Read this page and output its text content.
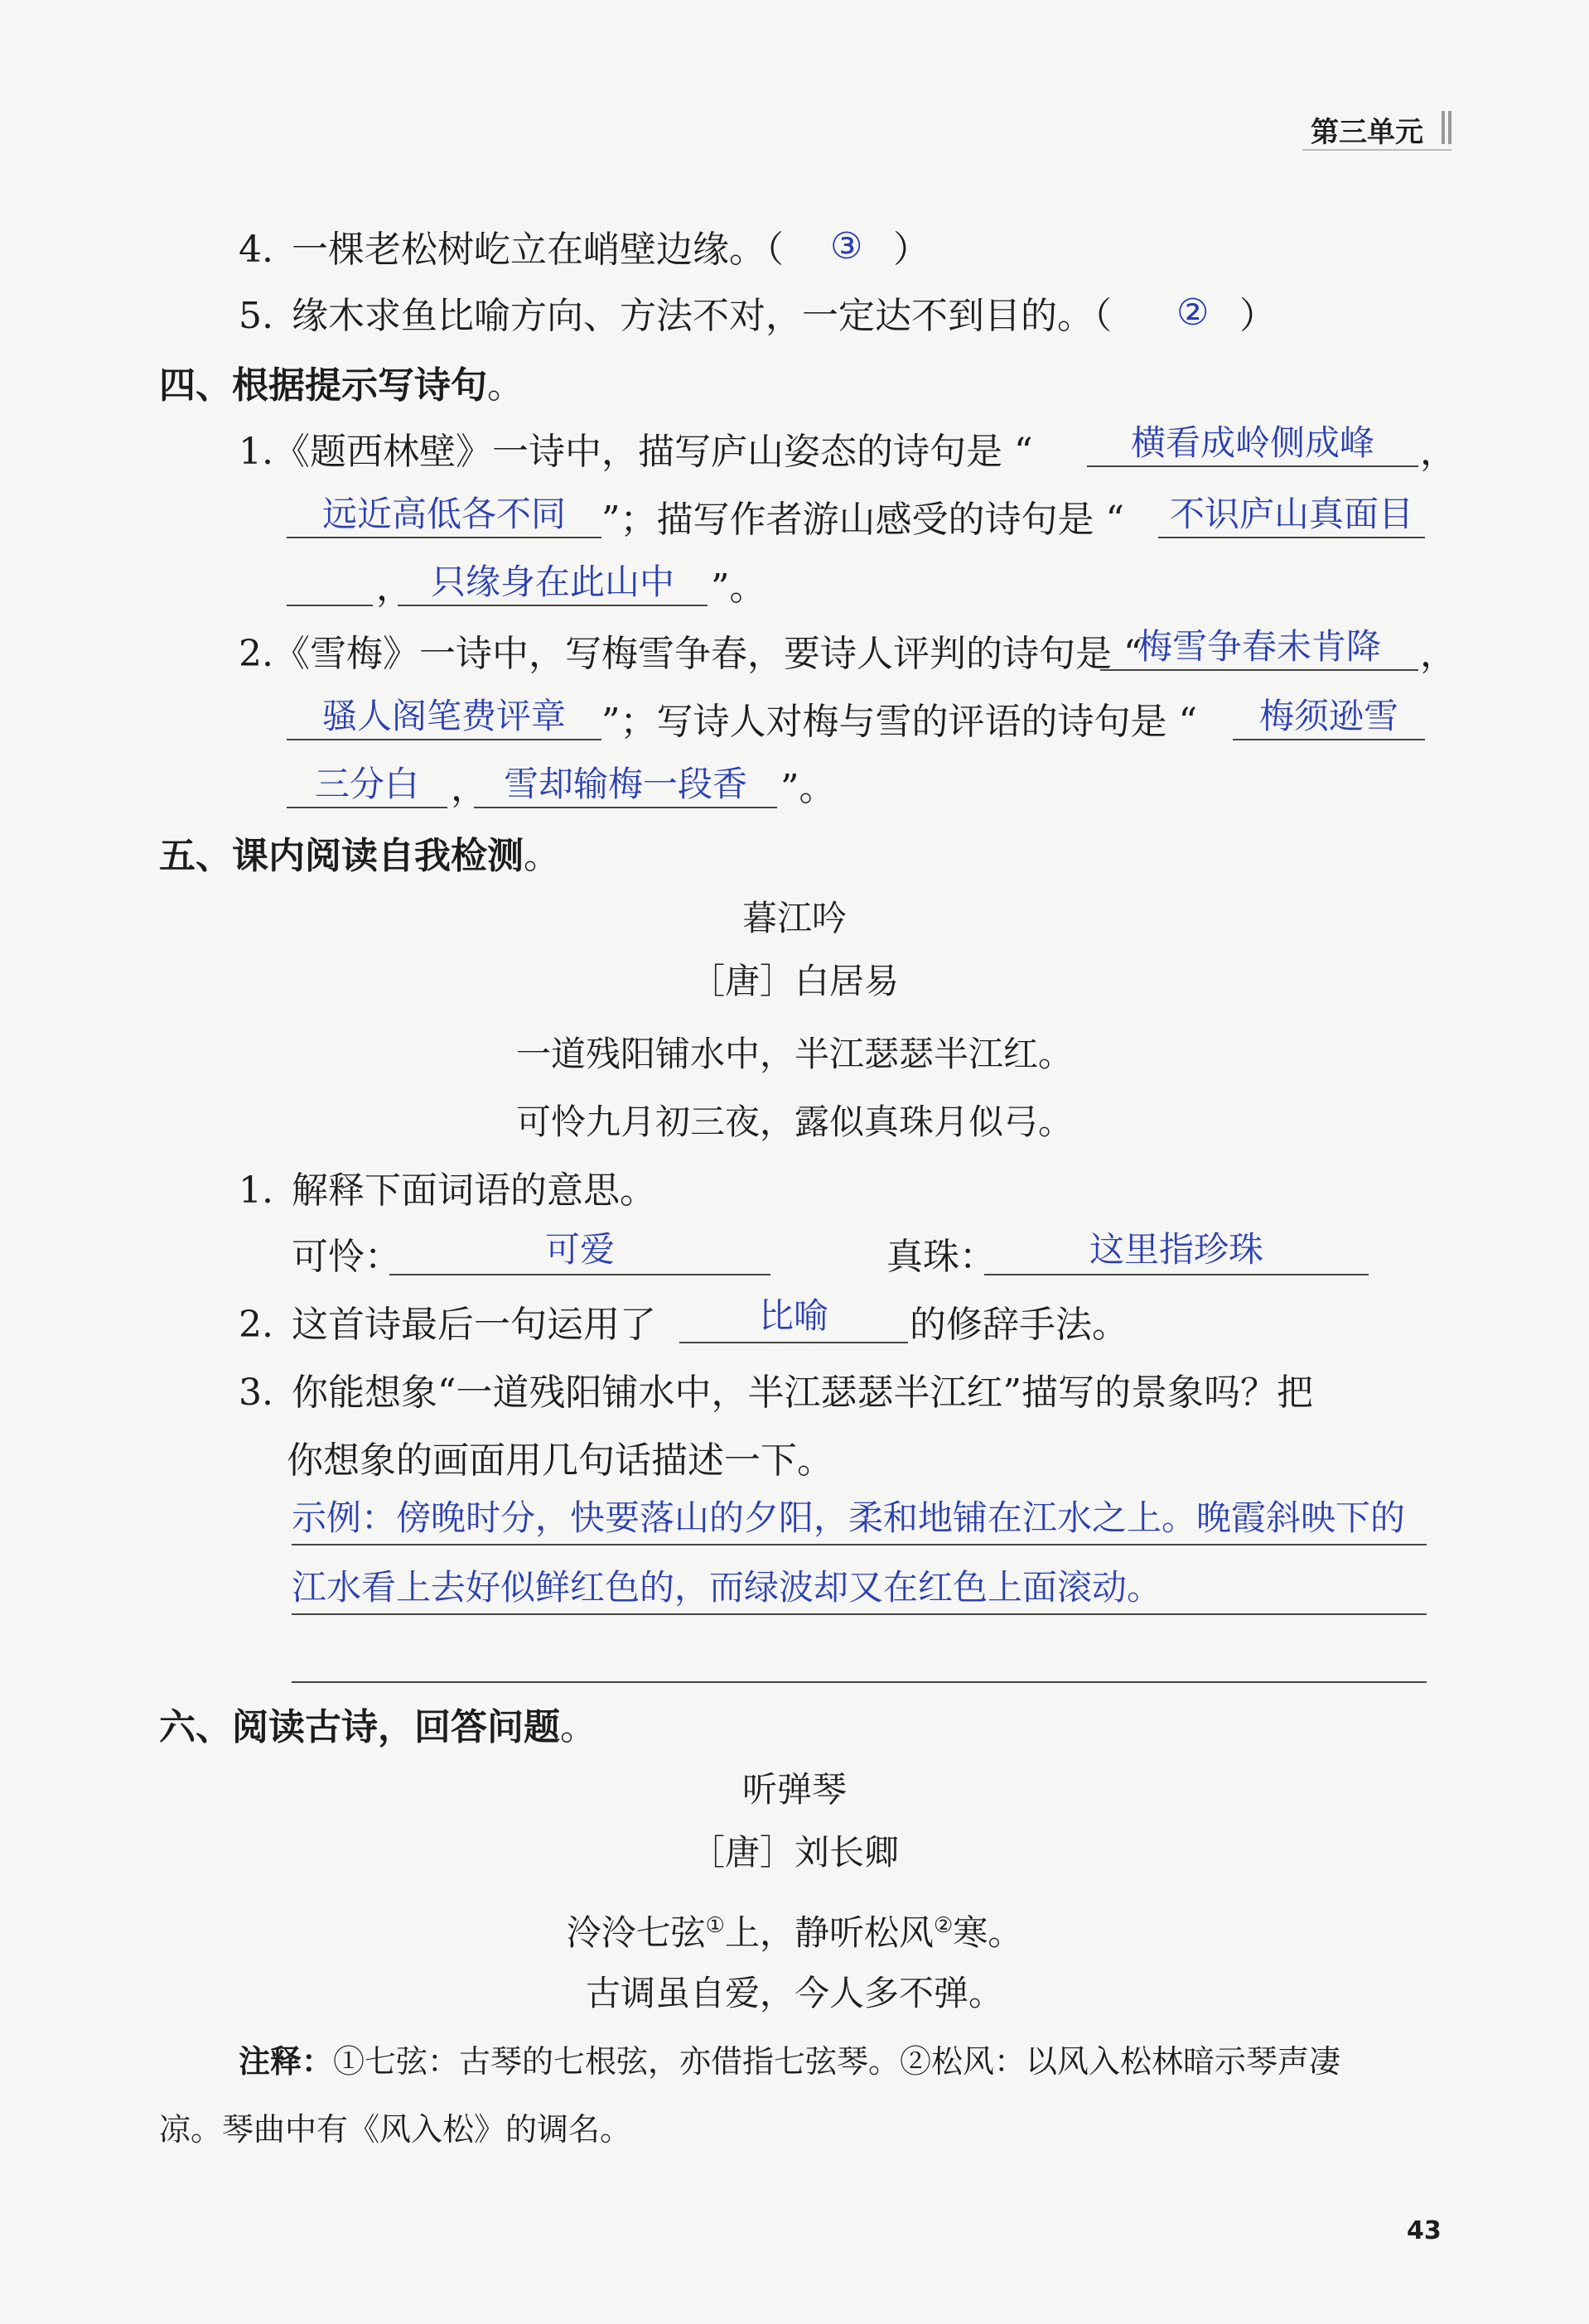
第三单元
4. 一棵老松树屹立在峭壁边缘。（ ③ ）
5. 缘木求鱼比喻方向、方法不对，一定达不到目的。（ ② ）
四、根据提示写诗句。
1. 《题西林壁》一诗中，描写庐山姿态的诗句是 “	横看成岭侧成峰	，
远近高低各不同 ”；描写作者游山感受的诗句是 “	不识庐山真面目
， 只缘身在此山中	”。
2. 《雪梅》一诗中，写梅雪争春，要诗人评判的诗句是 “
梅雪争春未肯降	，
骚人阁笔费评章 ”；写诗人对梅与雪的评语的诗句是 “	梅须逊雪
三分白 ， 雪却输梅一段香 ”。
五、课内阅读自我检测。
暮江吟
［唐］白居易
一道残阳铺水中，半江瑟瑟半江红。
可怜九月初三夜，露似真珠月似弓。
1. 解释下面词语的意思。
可怜：	可爱	真珠：	这里指珍珠
2. 这首诗最后一句运用了	比喻	的修辞手法。
3. 你能想象“一道残阳铺水中，半江瑟瑟半江红”描写的景象吗？把
你想象的画面用几句话描述一下。
示例：傍晚时分，快要落山的夕阳，柔和地铺在江水之上。晚霞斜映下的
江水看上去好似鲜红色的，而绿波却又在红色上面滚动。
六、阅读古诗，回答问题。
听弹琴
［唐］刘长卿
泠泠七弦①上，静听松风②寒。
古调虽自爱，今人多不弹。
注释：①七弦：古琴的七根弦，亦借指七弦琴。②松风：以风入松林暗示琴声凄
凉。琴曲中有《风入松》的调名。
43
